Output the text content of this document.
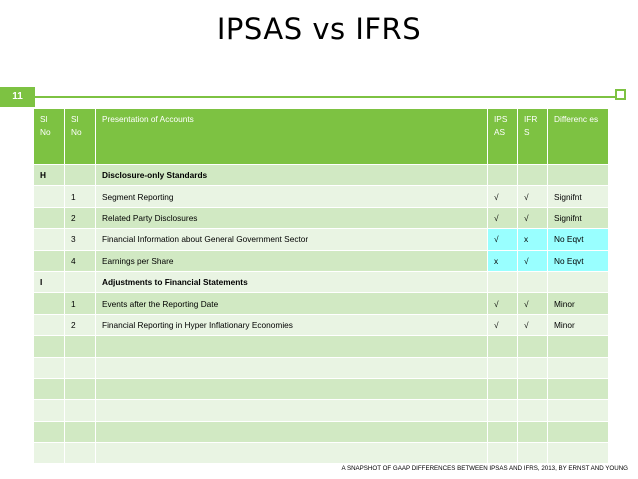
IPSAS vs IFRS
11
Sl No	Sl No	Presentation of Accounts	IPS AS	IFR S	Differenc es
H		Disclosure-only Standards			
	1	Segment Reporting	√	√	Signifnt
	2	Related Party Disclosures	√	√	Signifnt
	3	Financial Information about General Government Sector	√	x	No Eqvt
	4	Earnings per Share	x	√	No Eqvt
I		Adjustments to Financial Statements			
	1	Events after the Reporting Date	√	√	Minor
	2	Financial Reporting in Hyper Inflationary Economies	√	√	Minor

A SNAPSHOT OF GAAP DIFFERENCES BETWEEN IPSAS AND IFRS, 2013, BY ERNST AND YOUNG
